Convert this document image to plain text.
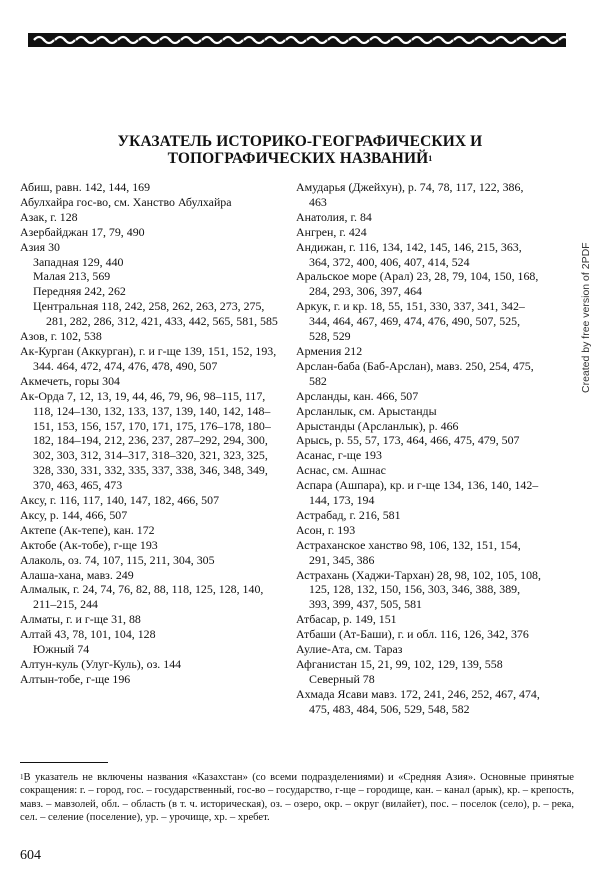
Created by free version of 2PDF
УКАЗАТЕЛЬ ИСТОРИКО-ГЕОГРАФИЧЕСКИХ И
ТОПОГРАФИЧЕСКИХ НАЗВАНИЙ$^1$
Абиш, равн. 142, 144, 169
Абулхайра гос-во, см. Ханство Абулхайра
Азак, г. 128
Азербайджан 17, 79, 490
Азия 30
Западная 129, 440
Малая 213, 569
Передняя 242, 262
Центральная 118, 242, 258, 262, 263, 273, 275, 281, 282, 286, 312, 421, 433, 442, 565, 581, 585
Азов, г. 102, 538
Ак-Курган (Аккурган), г. и г-ще 139, 151, 152, 193, 344. 464, 472, 474, 476, 478, 490, 507
Акмечеть, горы 304
Ак-Орда 7, 12, 13, 19, 44, 46, 79, 96, 98–115, 117, 118, 124–130, 132, 133, 137, 139, 140, 142, 148–151, 153, 156, 157, 170, 171, 175, 176–178, 180–182, 184–194, 212, 236, 237, 287–292, 294, 300, 302, 303, 312, 314–317, 318–320, 321, 323, 325, 328, 330, 331, 332, 335, 337, 338, 346, 348, 349, 370, 463, 465, 473
Аксу, г. 116, 117, 140, 147, 182, 466, 507
Аксу, р. 144, 466, 507
Актепе (Ак-тепе), кан. 172
Актобе (Ак-тобе), г-ще 193
Алаколь, оз. 74, 107, 115, 211, 304, 305
Алаша-хана, мавз. 249
Алмалык, г. 24, 74, 76, 82, 88, 118, 125, 128, 140, 211–215, 244
Алматы, г. и г-ще 31, 88
Алтай 43, 78, 101, 104, 128
Южный 74
Алтун-куль (Улуг-Куль), оз. 144
Алтын-тобе, г-ще 196
Амударья (Джейхун), р. 74, 78, 117, 122, 386, 463
Анатолия, г. 84
Ангрен, г. 424
Андижан, г. 116, 134, 142, 145, 146, 215, 363, 364, 372, 400, 406, 407, 414, 524
Аральское море (Арал) 23, 28, 79, 104, 150, 168, 284, 293, 306, 397, 464
Аркук, г. и кр. 18, 55, 151, 330, 337, 341, 342–344, 464, 467, 469, 474, 476, 490, 507, 525, 528, 529
Армения 212
Арслан-баба (Баб-Арслан), мавз. 250, 254, 475, 582
Арсланды, кан. 466, 507
Арсланлык, см. Арыстанды
Арыстанды (Арсланлык), р. 466
Арысь, р. 55, 57, 173, 464, 466, 475, 479, 507
Асанас, г-ще 193
Аснас, см. Ашнас
Аспара (Ашпара), кр. и г-ще 134, 136, 140, 142–144, 173, 194
Астрабад, г. 216, 581
Асон, г. 193
Астраханское ханство 98, 106, 132, 151, 154, 291, 345, 386
Астрахань (Хаджи-Тархан) 28, 98, 102, 105, 108, 125, 128, 132, 150, 156, 303, 346, 388, 389, 393, 399, 437, 505, 581
Атбасар, р. 149, 151
Атбаши (Ат-Баши), г. и обл. 116, 126, 342, 376
Аулие-Ата, см. Тараз
Афганистан 15, 21, 99, 102, 129, 139, 558
Северный 78
Ахмада Ясави мавз. 172, 241, 246, 252, 467, 474, 475, 483, 484, 506, 529, 548, 582
$^1$В указатель не включены названия «Казахстан» (со всеми подразделениями) и «Средняя Азия». Основные принятые сокращения: г. – город, гос. – государственный, гос-во – государство, г-ще – городище, кан. – канал (арык), кр. – крепость, мавз. – мавзолей, обл. – область (в т. ч. историческая), оз. – озеро, окр. – округ (вилайет), пос. – поселок (село), р. – река, сел. – селение (поселение), ур. – урочище, хр. – хребет.
604
